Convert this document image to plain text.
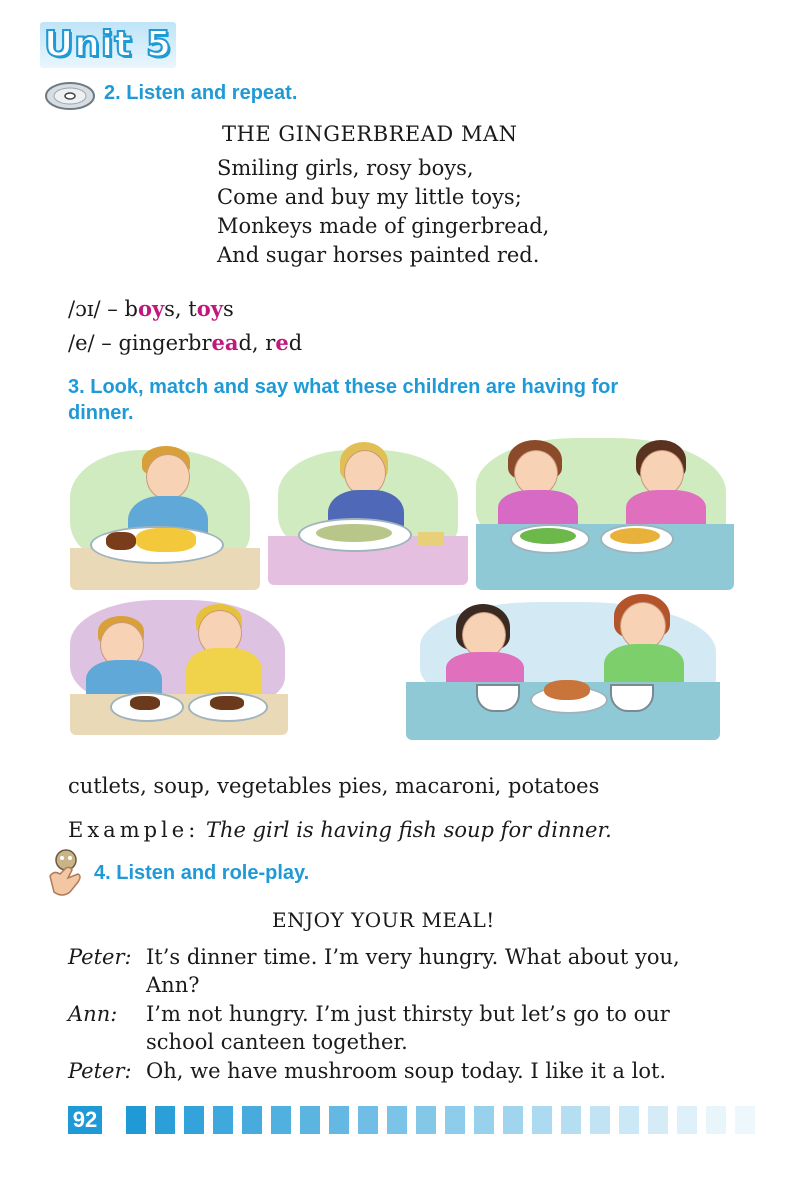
Unit 5
2. Listen and repeat.
THE GINGERBREAD MAN
Smiling girls, rosy boys,
Come and buy my little toys;
Monkeys made of gingerbread,
And sugar horses painted red.
/ɔɪ/ – boys, toys
/e/ – gingerbread, red
3. Look, match and say what these children are having for
dinner.
cutlets, soup, vegetables pies, macaroni, potatoes
Example: The girl is having fish soup for dinner.
4. Listen and role-play.
ENJOY YOUR MEAL!
Peter: It’s dinner time. I’m very hungry. What about you,
Ann?
Ann: I’m not hungry. I’m just thirsty but let’s go to our
school canteen together.
Peter: Oh, we have mushroom soup today. I like it a lot.
92
